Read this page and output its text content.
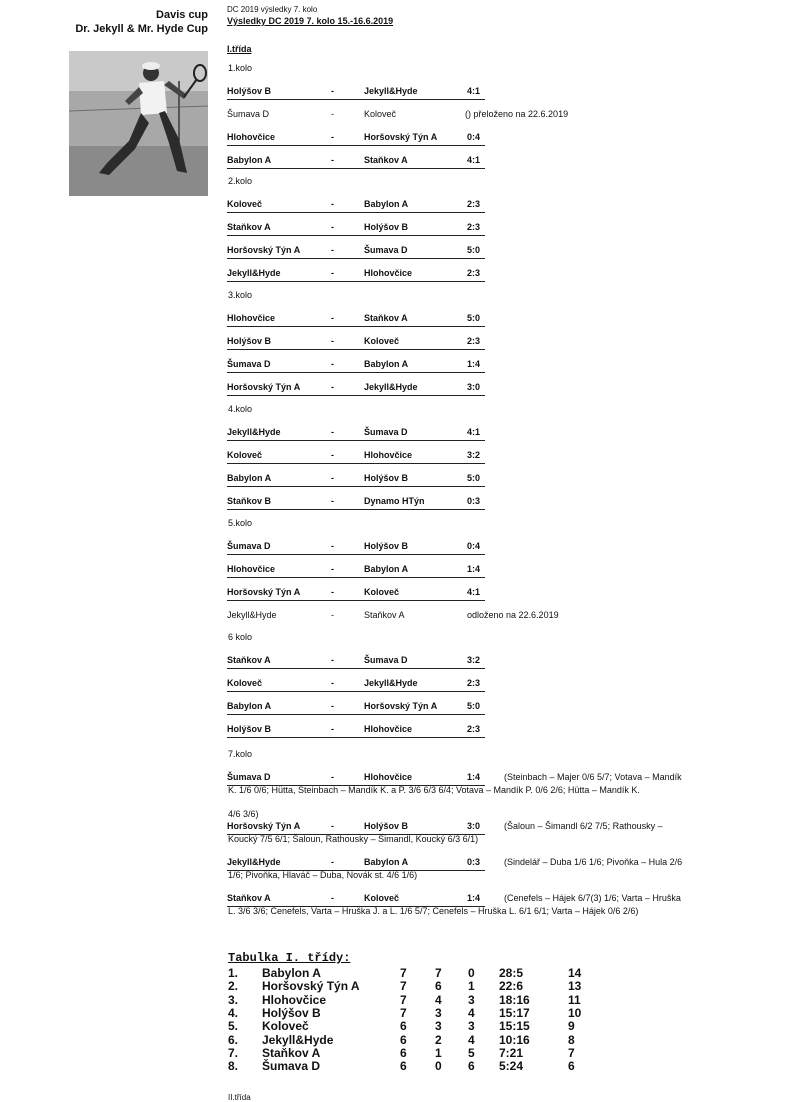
Davis cup
Dr. Jekyll & Mr. Hyde Cup
DC 2019 výsledky 7. kolo
Výsledky DC 2019 7. kolo 15.-16.6.2019
I.třída
1.kolo
Holýšov B	-	Jekyll&Hyde	4:1
Šumava D	-	Koloveč	() přeloženo na 22.6.2019
Hlohovčice	-	Horšovský Týn A	0:4
Babylon A	-	Staňkov A	4:1
2.kolo
Koloveč	-	Babylon A	2:3
Staňkov A	-	Holýšov B	2:3
Horšovský Týn A	-	Šumava D	5:0
Jekyll&Hyde	-	Hlohovčice	2:3
3.kolo
Hlohovčice	-	Staňkov A	5:0
Holýšov B	-	Koloveč	2:3
Šumava D	-	Babylon A	1:4
Horšovský Týn A	-	Jekyll&Hyde	3:0
4.kolo
Jekyll&Hyde	-	Šumava D	4:1
Koloveč	-	Hlohovčice	3:2
Babylon A	-	Holýšov B	5:0
Staňkov B	-	Dynamo HTýn	0:3
5.kolo
Šumava D	-	Holýšov B	0:4
Hlohovčice	-	Babylon A	1:4
Horšovský Týn A	-	Koloveč	4:1
Jekyll&Hyde	-	Staňkov A	odloženo na 22.6.2019
6 kolo
Staňkov A	-	Šumava D	3:2
Koloveč	-	Jekyll&Hyde	2:3
Babylon A	-	Horšovský Týn A	5:0
Holýšov B	-	Hlohovčice	2:3
7.kolo
Šumava D	-	Hlohovčice	1:4	(Steinbach – Majer 0/6 5/7; Votava – Mandík
K. 1/6 0/6; Hütta, Steinbach – Mandík K. a P. 3/6 6/3 6/4; Votava – Mandík P. 0/6 2/6; Hütta – Mandík K.
4/6 3/6)
Horšovský Týn A	-	Holýšov B	3:0	(Šaloun – Šimandl 6/2 7/5; Rathousky –
Koucký 7/5 6/1; Šaloun, Rathousky – Šimandl, Koucký 6/3 6/1)
Jekyll&Hyde	-	Babylon A	0:3	(Sindelář – Duba 1/6 1/6; Pivoňka – Hula 2/6
1/6; Pivoňka, Hlaváč – Duba, Novák st. 4/6 1/6)
Staňkov A	-	Koloveč	1:4	(Cenefels – Hájek 6/7(3) 1/6; Varta – Hruška
L. 3/6 3/6; Cenefels, Varta – Hruška J. a L. 1/6 5/7; Cenefels – Hruška L. 6/1 6/1; Varta – Hájek 0/6 2/6)
Tabulka I. třídy:
1. Babylon A	7 7 0 28:5	14
2. Horšovský Týn A	7 6 1 22:6	13
3. Hlohovčice	7 4 3 18:16	11
4. Holýšov B	7 3 4 15:17	10
5. Koloveč	6 3 3 15:15	9
6. Jekyll&Hyde	6 2 4 10:16	8
7. Staňkov A	6 1 5 7:21	7
8. Šumava D	6 0 6 5:24	6
II.třída
